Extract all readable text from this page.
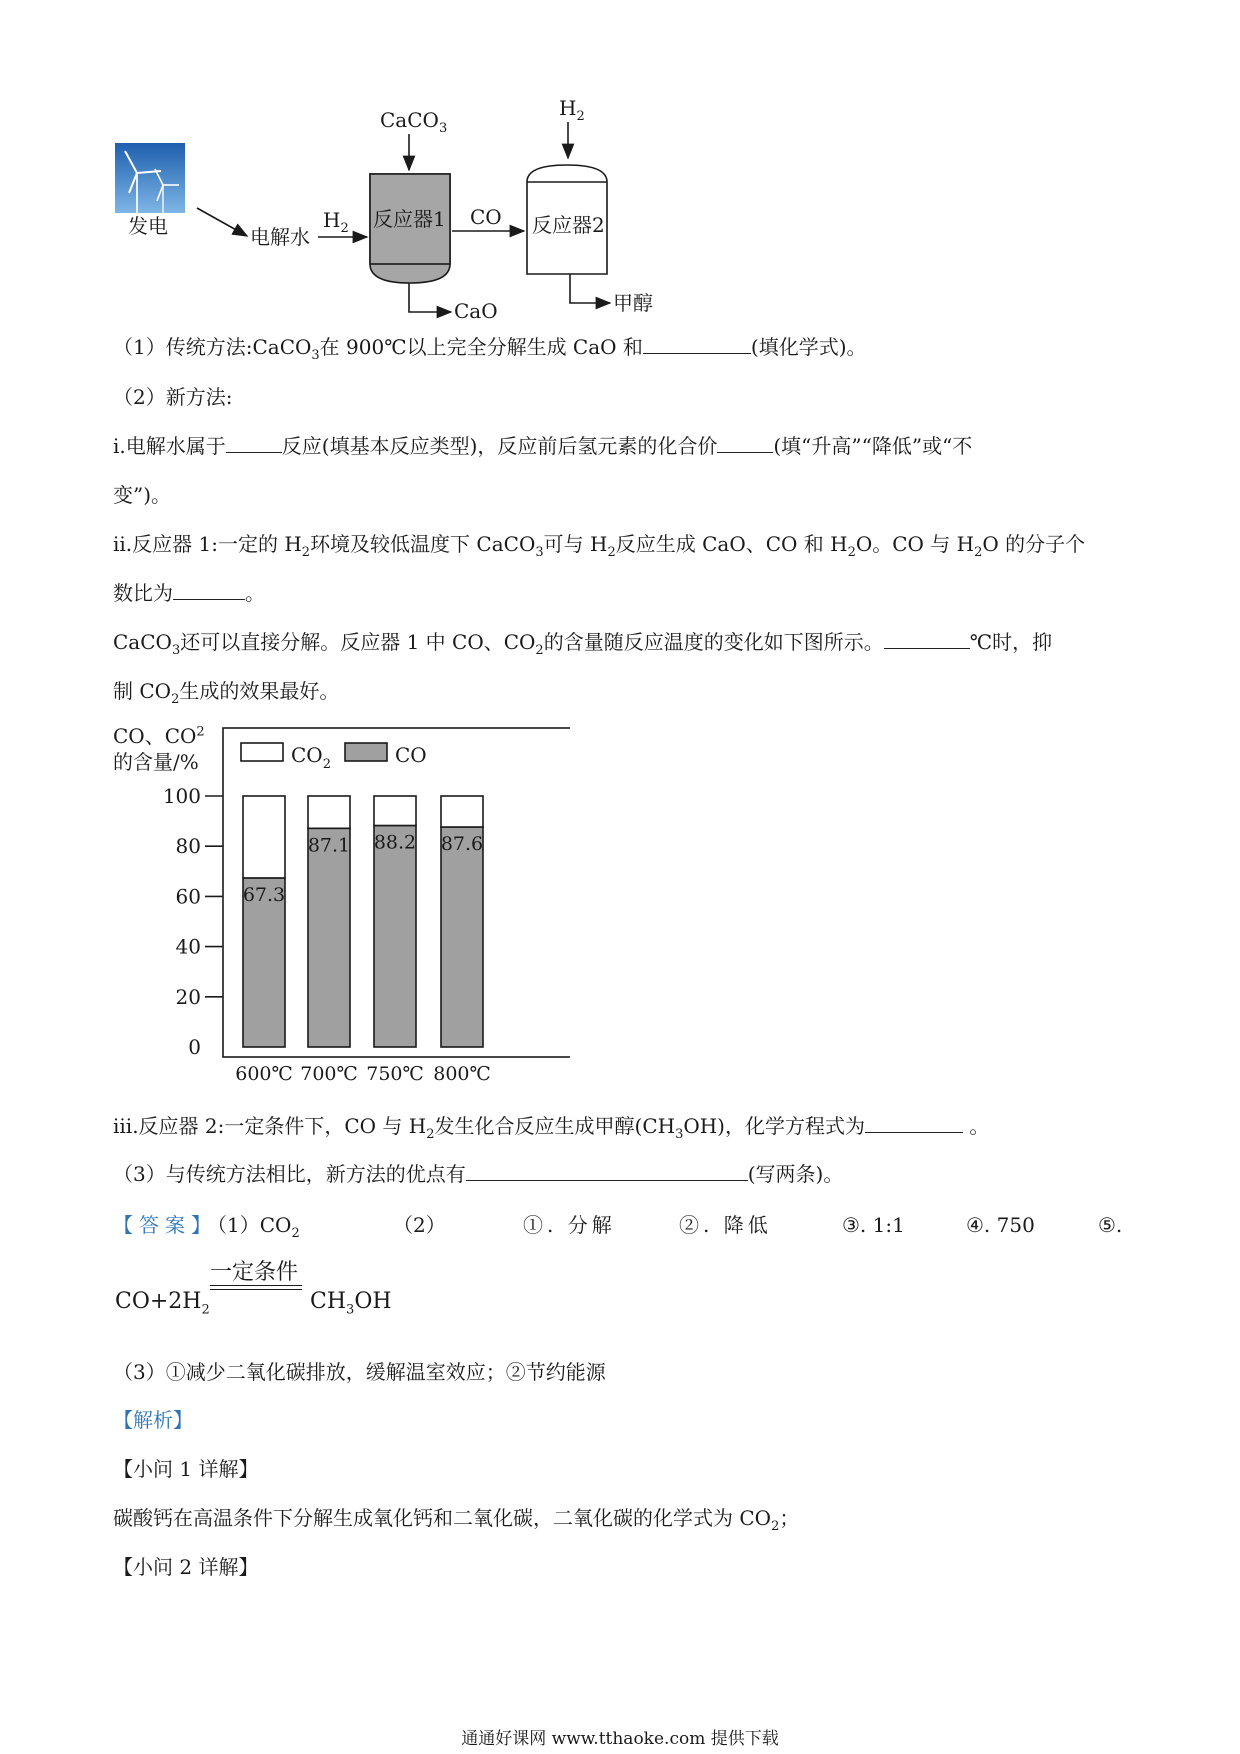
发电	电解水
$H_2$
CaCO$_3$
反应器1 CO 反应器2
$H_2$
CaO	甲醇
（1）传统方法:CaCO$_3$在 900℃以上完全分解生成 CaO 和	(填化学式)。
（2）新方法:
i.电解水属于	反应(填基本反应类型)，反应前后氢元素的化合价	(填“升高”“降低”或“不
变”)。
ii.反应器 1:一定的 $H_2$环境及较低温度下 CaCO$_3$可与 $H_2$反应生成 CaO、CO 和 $H_2O$。CO 与 $H_2O$ 的分子个
数比为	。
CaCO$_3$还可以直接分解。反应器 1 中 CO、$CO_2$的含量随反应温度的变化如下图所示。	℃时，抑
制 $CO_2$生成的效果最好。
CO、$CO^2$
的含量/%
0
20
40
60
80
100
$CO_2$	CO
67.3
600℃
87.1
700℃
88.2
750℃
87.6
800℃
iii.反应器 2:一定条件下，CO 与 $H_2$发生化合反应生成甲醇$(CH_3OH)$，化学方程式为	。
（3）与传统方法相比，新方法的优点有	(写两条)。
【答案】$(1)CO_2$	（2）	①. 分解	②. 降低	③. 1:1	④. 750	⑤.
一定条件
$CO+2H_2$	$CH_3OH$
（3）①减少二氧化碳排放，缓解温室效应；②节约能源
【解析】
【小问 1 详解】
碳酸钙在高温条件下分解生成氧化钙和二氧化碳，二氧化碳的化学式为 $CO_2$；
【小问 2 详解】
通通好课网 www.tthaoke.com 提供下载
